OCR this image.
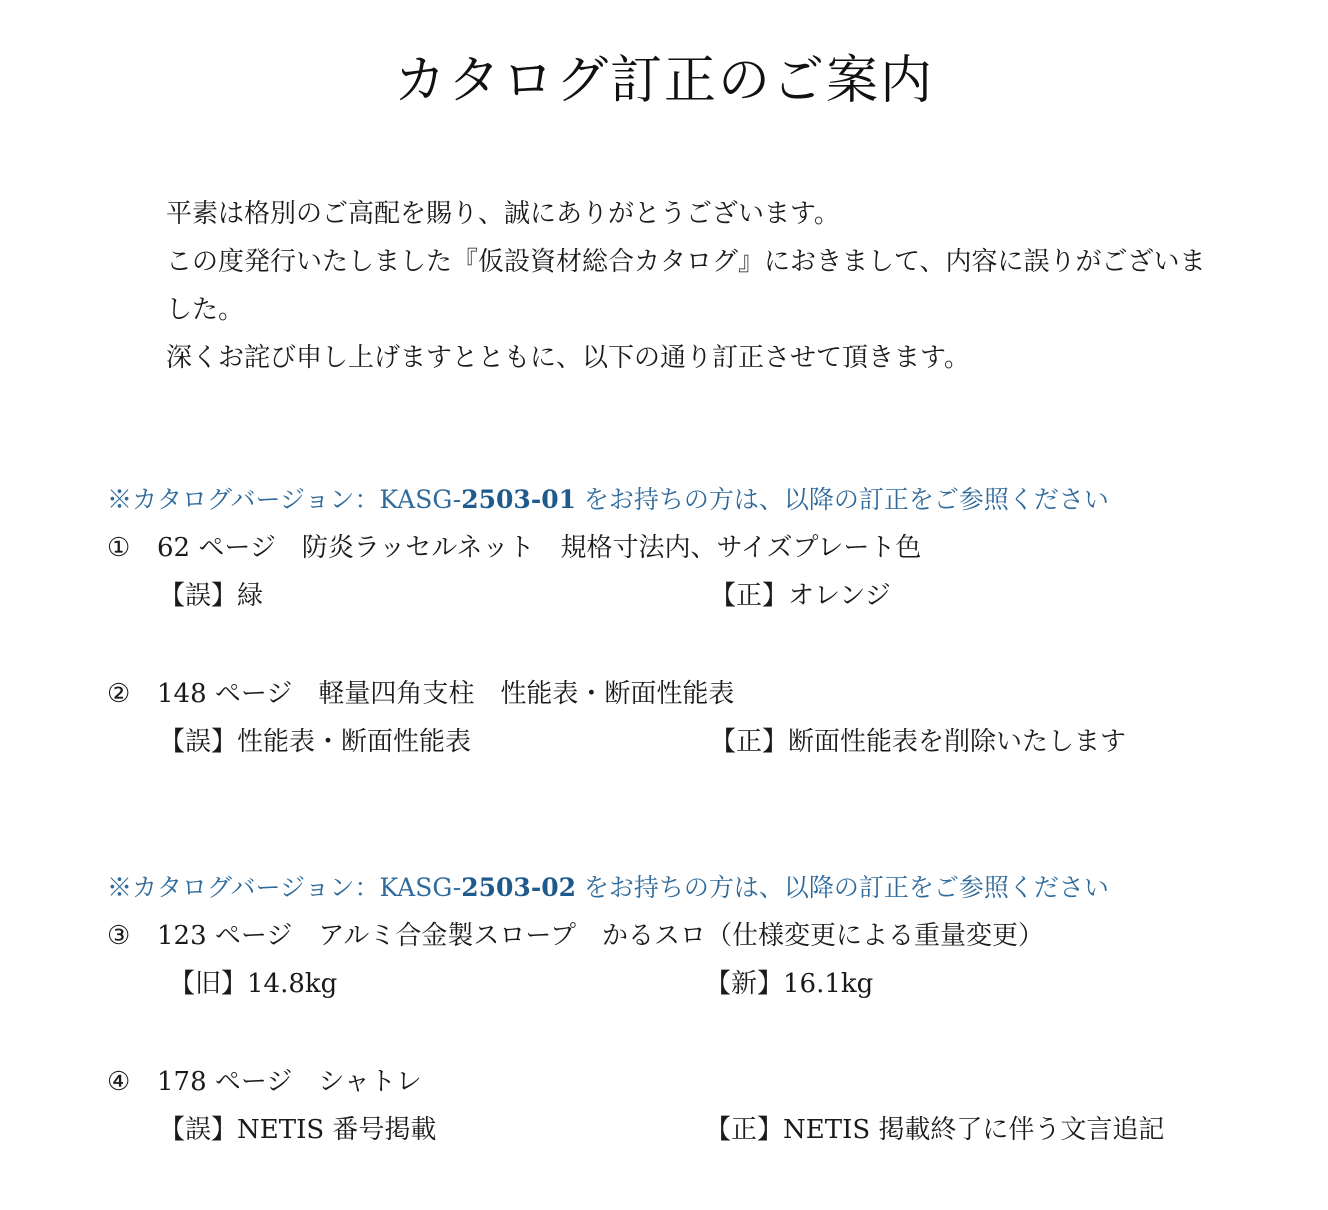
カタログ訂正のご案内

平素は格別のご高配を賜り、誠にありがとうございます。

この度発行いたしました『仮設資材総合カタログ』におきまして、内容に誤りがございました。

深くお詫び申し上げますとともに、以下の通り訂正させて頂きます。

※カタログバージョン：KASG-2503-01 をお持ちの方は、以降の訂正をご参照ください
① 62 ページ　防炎ラッセルネット　規格寸法内、サイズプレート色
【誤】緑	【正】オレンジ
② 148 ページ　軽量四角支柱　性能表・断面性能表
【誤】性能表・断面性能表	【正】断面性能表を削除いたします
※カタログバージョン：KASG-2503-02 をお持ちの方は、以降の訂正をご参照ください
③ 123 ページ　アルミ合金製スロープ　かるスロ（仕様変更による重量変更）
【旧】14.8kg	【新】16.1kg
④ 178 ページ　シャトレ
【誤】NETIS 番号掲載	【正】NETIS 掲載終了に伴う文言追記
